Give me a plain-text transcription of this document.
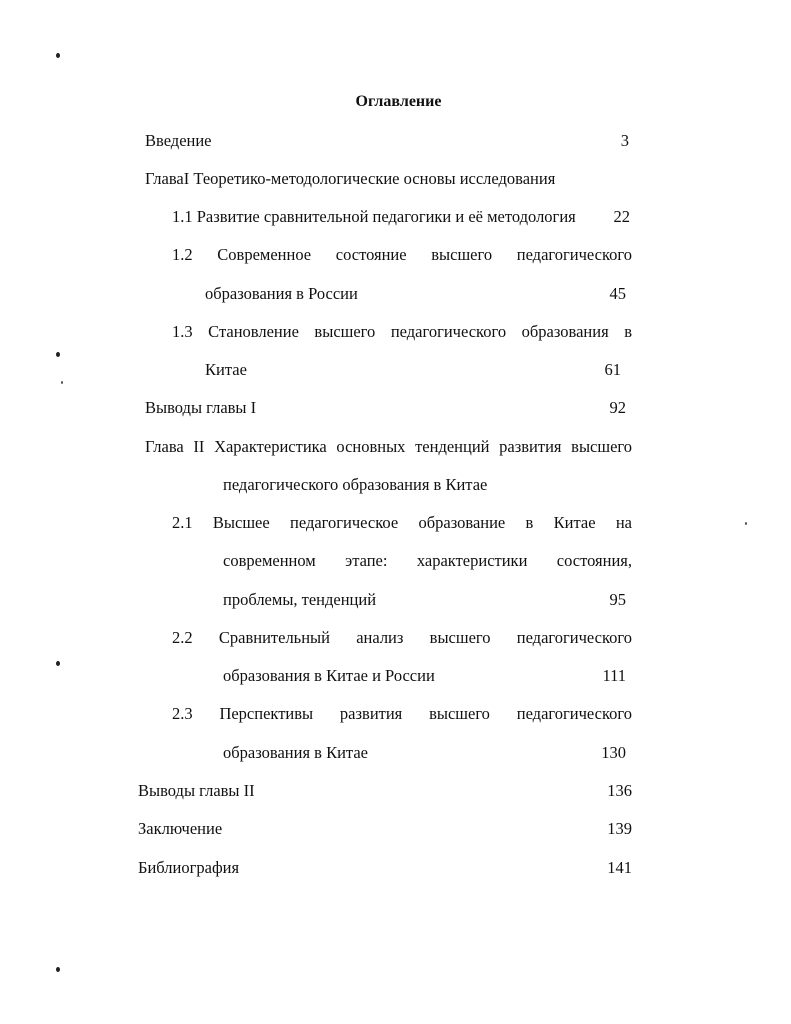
Оглавление
Введение	3
ГлаваI Теоретико-методологические основы исследования
1.1 Развитие сравнительной педагогики и её методология	22
1.2 Современное состояние высшего педагогического
образования в России	45
1.3 Становление высшего педагогического образования в
Китае	61
Выводы главы I	92
Глава II Характеристика основных тенденций развития высшего
педагогического образования в Китае
2.1 Высшее педагогическое образование в Китае на
современном этапе: характеристики состояния,
проблемы, тенденций	95
2.2 Сравнительный анализ высшего педагогического
образования в Китае и России	111
2.3 Перспективы развития высшего педагогического
образования в Китае	130
Выводы главы II	136
Заключение	139
Библиография	141
